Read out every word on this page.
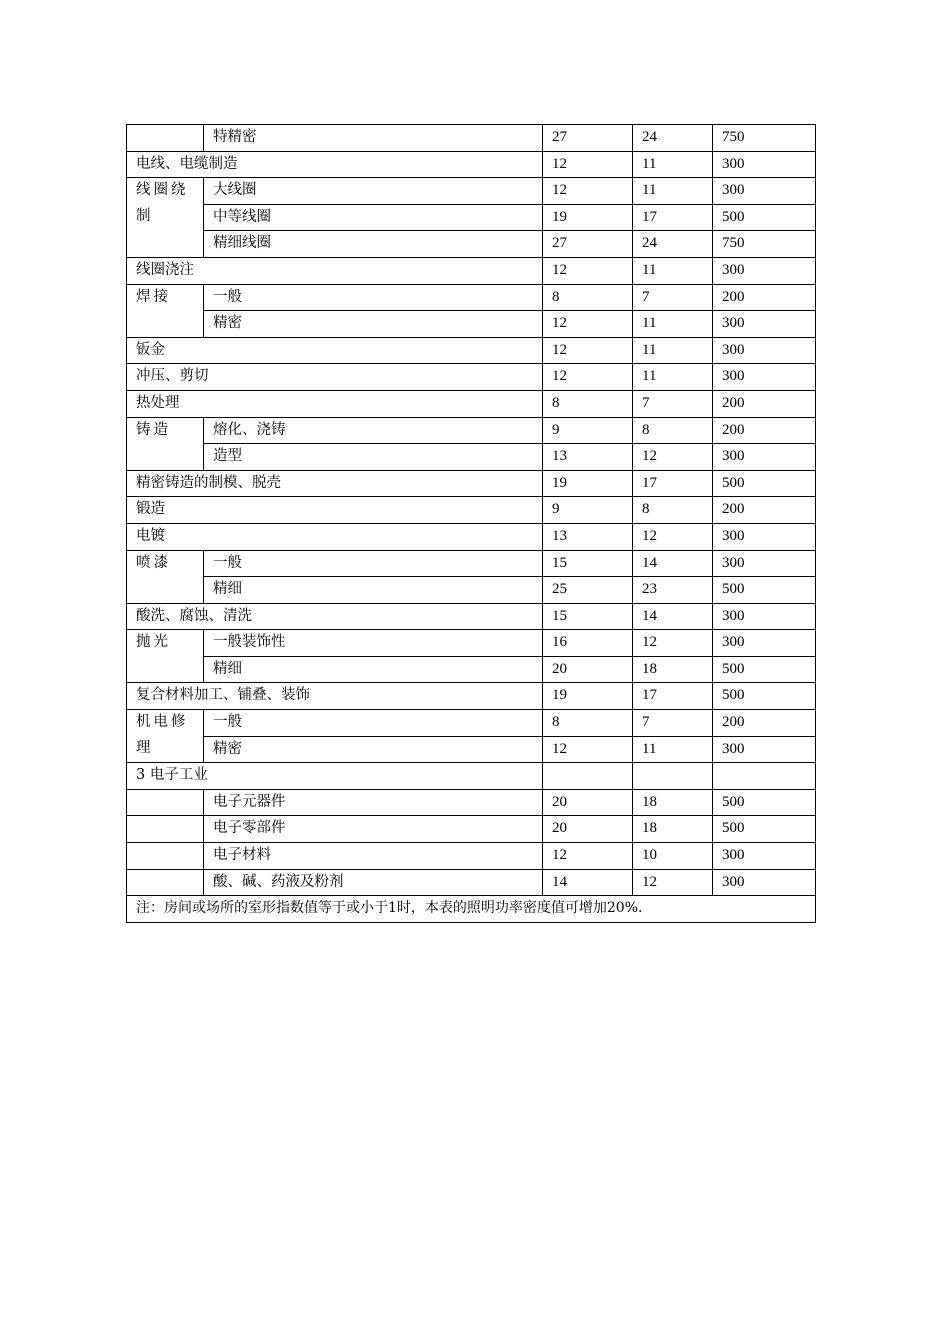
	特精密	27	24	750
电线、电缆制造		12	11	300
线圈绕制	大线圈	12	11	300
	中等线圈	19	17	500
	精细线圈	27	24	750
线圈浇注		12	11	300
焊接	一般	8	7	200
	精密	12	11	300
钣金		12	11	300
冲压、剪切		12	11	300
热处理		8	7	200
铸造	熔化、浇铸	9	8	200
	造型	13	12	300
精密铸造的制模、脱壳		19	17	500
锻造		9	8	200
电镀		13	12	300
喷漆	一般	15	14	300
	精细	25	23	500
酸洗、腐蚀、清洗		15	14	300
抛光	一般装饰性	16	12	300
	精细	20	18	500
复合材料加工、铺叠、装饰		19	17	500
机电修理	一般	8	7	200
	精密	12	11	300
3 电子工业				
	电子元器件	20	18	500
	电子零部件	20	18	500
	电子材料	12	10	300
	酸、碱、药液及粉剂	14	12	300
注：房间或场所的室形指数值等于或小于1时，本表的照明功率密度值可增加20%.				
